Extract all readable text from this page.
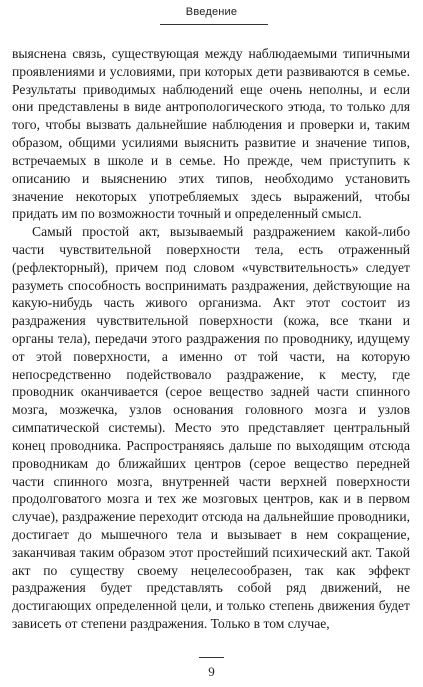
Введение

выяснена связь, существующая между наблюдаемыми типичными проявлениями и условиями, при которых дети развиваются в семье. Результаты приводимых наблюдений еще очень неполны, и если они представлены в виде антропологического этюда, то только для того, чтобы вызвать дальнейшие наблюдения и проверки и, таким образом, общими усилиями выяснить развитие и значение типов, встречаемых в школе и в семье. Но прежде, чем приступить к описанию и выяснению этих типов, необходимо установить значение некоторых употребляемых здесь выражений, чтобы придать им по возможности точный и определенный смысл.

Самый простой акт, вызываемый раздражением какой-либо части чувствительной поверхности тела, есть отраженный (рефлекторный), причем под словом «чувствительность» следует разуметь способность воспринимать раздражения, действующие на какую-нибудь часть живого организма. Акт этот состоит из раздражения чувствительной поверхности (кожа, все ткани и органы тела), передачи этого раздражения по проводнику, идущему от этой поверхности, а именно от той части, на которую непосредственно подействовало раздражение, к месту, где проводник оканчивается (серое вещество задней части спинного мозга, мозжечка, узлов основания головного мозга и узлов симпатической системы). Место это представляет центральный конец проводника. Распространяясь дальше по выходящим отсюда проводникам до ближайших центров (серое вещество передней части спинного мозга, внутренней части верхней поверхности продолговатого мозга и тех же мозговых центров, как и в первом случае), раздражение переходит отсюда на дальнейшие проводники, достигает до мышечного тела и вызывает в нем сокращение, заканчивая таким образом этот простейший психический акт. Такой акт по существу своему нецелесообразен, так как эффект раздражения будет представлять собой ряд движений, не достигающих определенной цели, и только степень движения будет зависеть от степени раздражения. Только в том случае,

9
